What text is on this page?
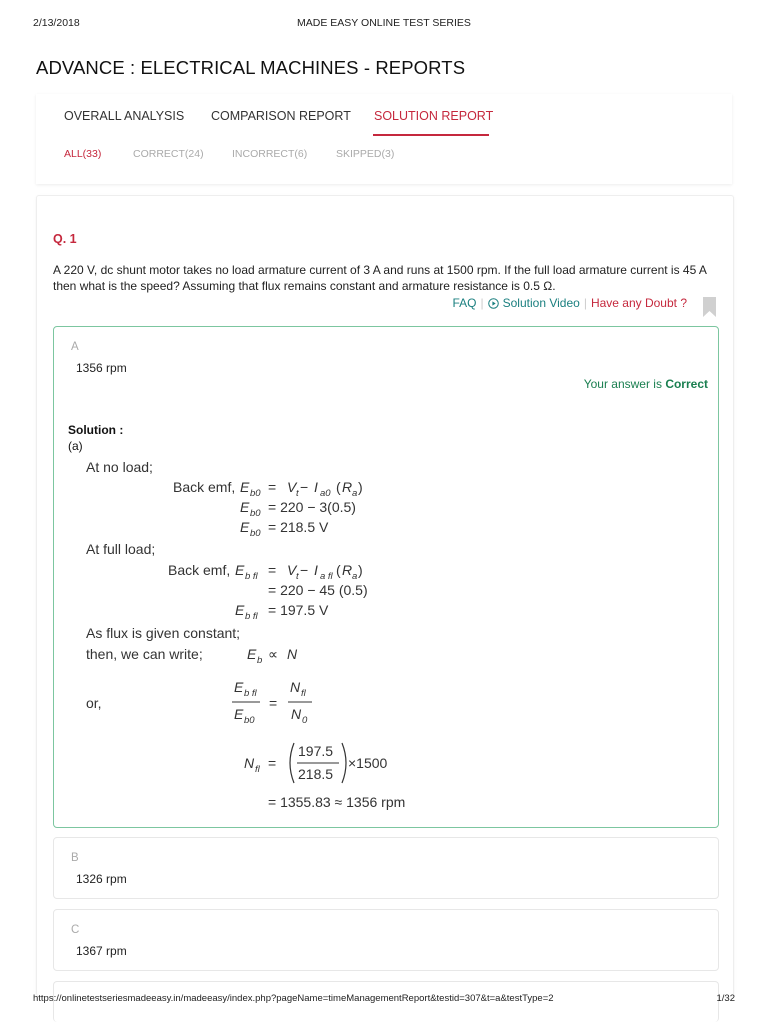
2/13/2018	MADE EASY ONLINE TEST SERIES
ADVANCE : ELECTRICAL MACHINES - REPORTS
OVERALL ANALYSIS COMPARISON REPORT SOLUTION REPORT
ALL(33)	CORRECT(24)	INCORRECT(6)	SKIPPED(3)
Q. 1
A 220 V, dc shunt motor takes no load armature current of 3 A and runs at 1500 rpm. If the full load armature current is 45 A then what is the speed? Assuming that flux remains constant and armature resistance is 0.5 Ω.
FAQ | Solution Video | Have any Doubt ?
A
1356 rpm
Your answer is Correct
Solution :
(a)
At no load;
Back emf, E b0 = V t − I a0 ( R a )
E b0 = 220 − 3(0.5)
E b0 = 218.5 V
At full load;
Back emf, E b fl = V t − I a fl ( R a )
= 220 − 45 (0.5)
E b fl = 197.5 V
As flux is given constant;
then, we can write;	E b ∝ N
or,
E b fl
E b0
=
N fl
N 0
N fl =
197.5
218.5
×1500
= 1355.83 ≈ 1356 rpm
B
1326 rpm
C
1367 rpm
https://onlinetestseriesmadeeasy.in/madeeasy/index.php?pageName=timeManagementReport&testid=307&t=a&testType=2	1/32
